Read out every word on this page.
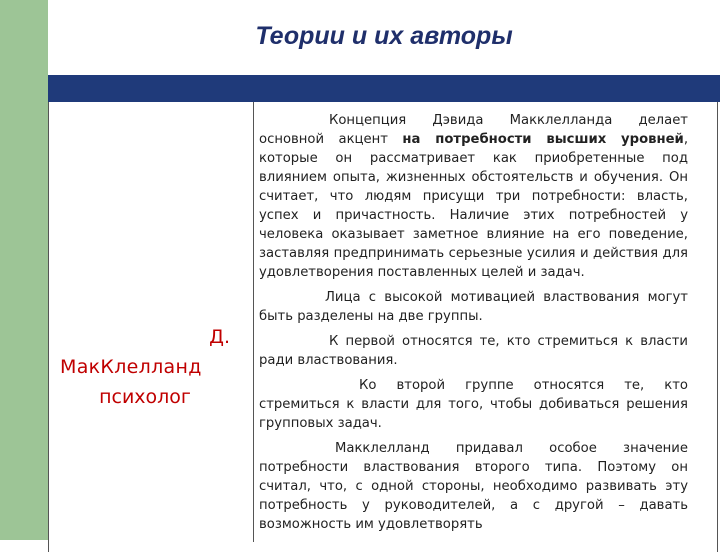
Теории и их авторы
Д.
МакКлелланд
психолог

Концепция Дэвида Макклелланда делает основной акцент на потребности высших уровней, которые он рассматривает как приобретенные под влиянием опыта, жизненных обстоятельств и обучения. Он считает, что людям присущи три потребности: власть, успех и причастность. Наличие этих потребностей у человека оказывает заметное влияние на его поведение, заставляя предпринимать серьезные усилия и действия для удовлетворения поставленных целей и задач.

Лица с высокой мотивацией властвования могут быть разделены на две группы.

К первой относятся те, кто стремиться к власти ради властвования.

Ко второй группе относятся те, кто стремиться к власти для того, чтобы добиваться решения групповых задач.

Макклелланд придавал особое значение потребности властвования второго типа. Поэтому он считал, что, с одной стороны, необходимо развивать эту потребность у руководителей, а с другой – давать возможность им удовлетворять
